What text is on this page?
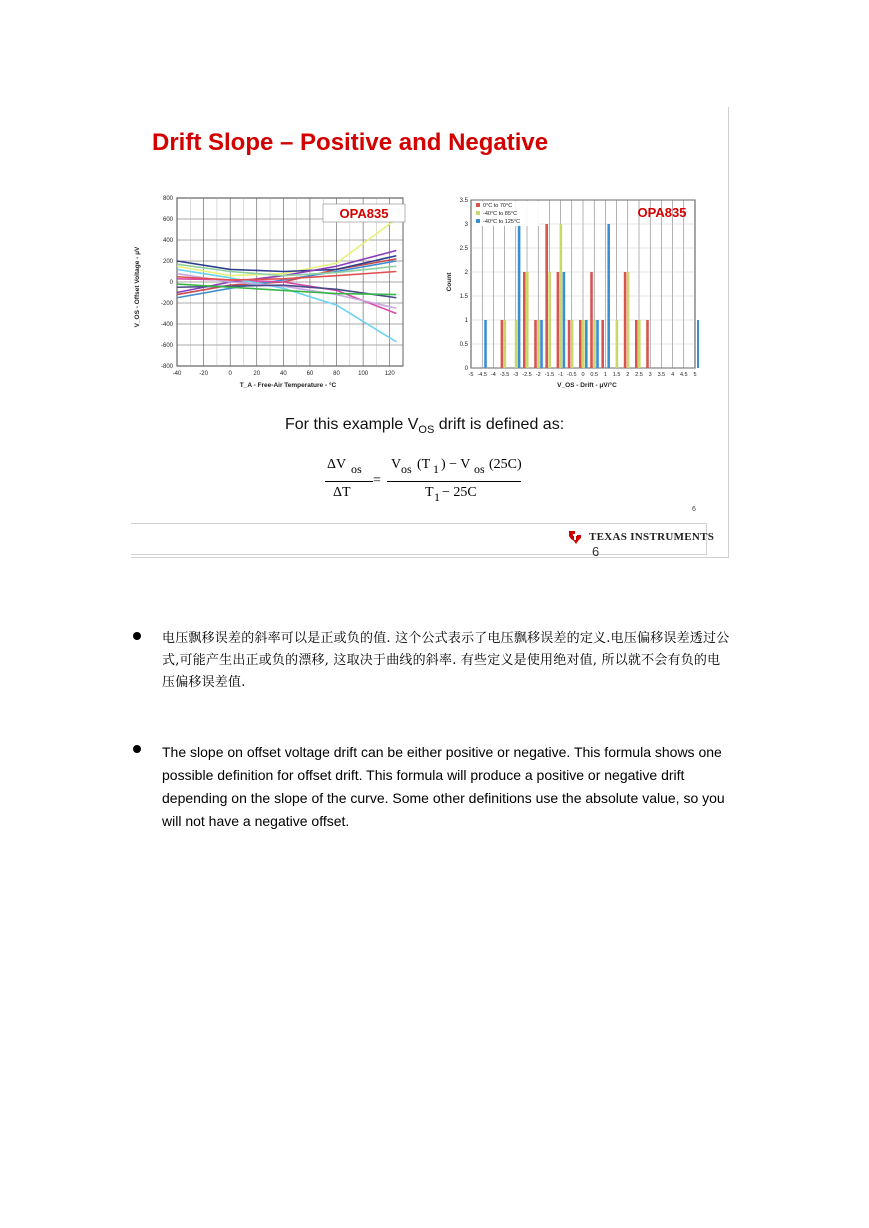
Drift Slope – Positive and Negative
-40	-20	0	20	40	60	80	100	120
800
600
400
200
0
-200
-400
-600
-800
OPA835
V_OS - Offset Voltage - μV
T_A - Free-Air Temperature - °C
-5 -4.5 -4 -3.5 -3 -2.5 -2 -1.5 -1 -0.5 0 0.5 1 1.5 2 2.5 3 3.5 4 4.5 5
0
0.5
1
1.5
2
2.5
3
3.5
0°C to 70°C
-40°C to 85°C
-40°C to 125°C
OPA835
Count
V_OS - Drift - μV/°C
For this example $V_{OS}$ drift is defined as:
ΔV os
ΔT
=
V os (T 1 ) − V os (25C)
T 1 − 25C
6
TEXAS INSTRUMENTS
6
电压飘移误差的斜率可以是正或负的值. 这个公式表示了电压飘移误差的定义.电压偏移误差透过公式,可能产生出正或负的漂移, 这取决于曲线的斜率. 有些定义是使用绝对值, 所以就不会有负的电压偏移误差值.
The slope on offset voltage drift can be either positive or negative. This formula shows one possible definition for offset drift. This formula will produce a positive or negative drift depending on the slope of the curve. Some other definitions use the absolute value, so you will not have a negative offset.
